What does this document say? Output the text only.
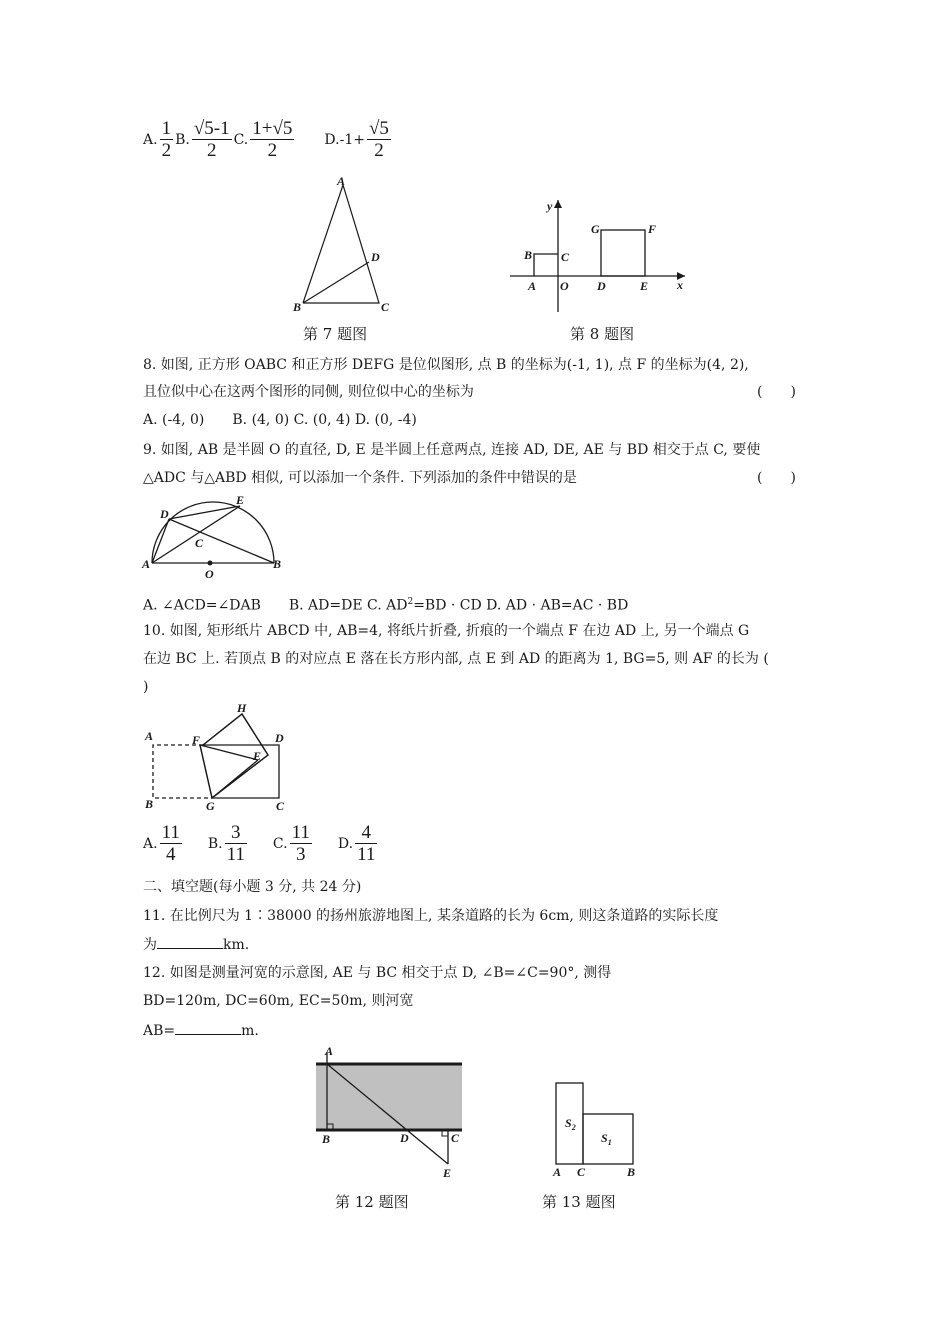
A. $\frac{1}{2} B$. $\frac{√5-1}{2} C$. $\frac{1+√5}{2} D.-1+ \frac{√5}{2}$
A
D
B	C
第 7 题图
y
x
B C
A O D	E
G	F
第 8 题图
8. 如图, 正方形 OABC 和正方形 DEFG 是位似图形, 点 B 的坐标为(-1, 1), 点 F 的坐标为(4, 2),
且位似中心在这两个图形的同侧, 则位似中心的坐标为	(　　)
A. (-4, 0)　　B. (4, 0) C. (0, 4) D. (0, -4)
9. 如图, AB 是半圆 O 的直径, D, E 是半圆上任意两点, 连接 AD, DE, AE 与 BD 相交于点 C, 要使
△ADC 与△ABD 相似, 可以添加一个条件. 下列添加的条件中错误的是	(　　)
D
E
C
A
O
B
A. ∠ACD=∠DAB　　B. AD=DE C. $AD^2=BD$ · CD D. AD · AB=AC · BD
10. 如图, 矩形纸片 ABCD 中, AB=4, 将纸片折叠, 折痕的一个端点 F 在边 AD 上, 另一个端点 G
在边 BC 上. 若顶点 B 的对应点 E 落在长方形内部, 点 E 到 AD 的距离为 1, BG=5, 则 AF 的长为 (
)
A
B	C
D
E
F
G
H
A. $\frac{11}{4} B$. $\frac{3}{11} C$. $\frac{11}{3} D$. $\frac{4}{11}$
二、填空题(每小题 3 分, 共 24 分)
11. 在比例尺为 1∶38000 的扬州旅游地图上, 某条道路的长为 6cm, 则这条道路的实际长度
为	km.
12. 如图是测量河宽的示意图, AE 与 BC 相交于点 D, ∠B=∠C=90°, 测得
BD=120m, DC=60m, EC=50m, 则河宽
AB=	m.
A
B	D	C
E
第 12 题图
$S_2$
$S_1$
A C	B
第 13 题图
